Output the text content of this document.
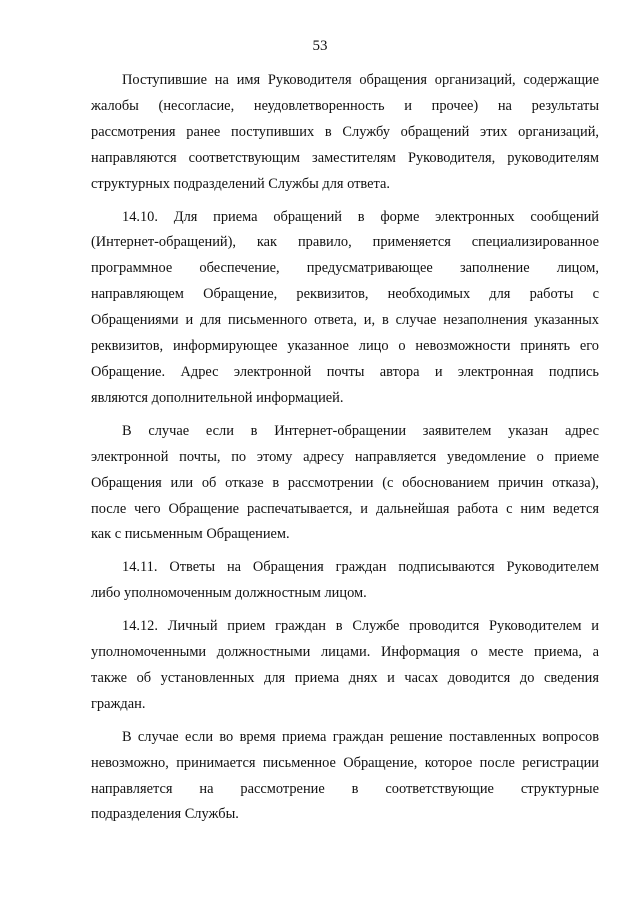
53

Поступившие на имя Руководителя обращения организаций, содержащие
жалобы (несогласие, неудовлетворенность и прочее) на результаты
рассмотрения ранее поступивших в Службу обращений этих организаций,
направляются соответствующим заместителям Руководителя, руководителям
структурных подразделений Службы для ответа.

14.10. Для приема обращений в форме электронных сообщений
(Интернет-обращений), как правило, применяется специализированное
программное обеспечение, предусматривающее заполнение лицом,
направляющем Обращение, реквизитов, необходимых для работы с
Обращениями и для письменного ответа, и, в случае незаполнения указанных
реквизитов, информирующее указанное лицо о невозможности принять его
Обращение. Адрес электронной почты автора и электронная подпись
являются дополнительной информацией.

В случае если в Интернет-обращении заявителем указан адрес
электронной почты, по этому адресу направляется уведомление о приеме
Обращения или об отказе в рассмотрении (с обоснованием причин отказа),
после чего Обращение распечатывается, и дальнейшая работа с ним ведется
как с письменным Обращением.

14.11. Ответы на Обращения граждан подписываются Руководителем
либо уполномоченным должностным лицом.

14.12. Личный прием граждан в Службе проводится Руководителем и
уполномоченными должностными лицами. Информация о месте приема, а
также об установленных для приема днях и часах доводится до сведения
граждан.

В случае если во время приема граждан решение поставленных вопросов
невозможно, принимается письменное Обращение, которое после регистрации
направляется на рассмотрение в соответствующие структурные
подразделения Службы.
